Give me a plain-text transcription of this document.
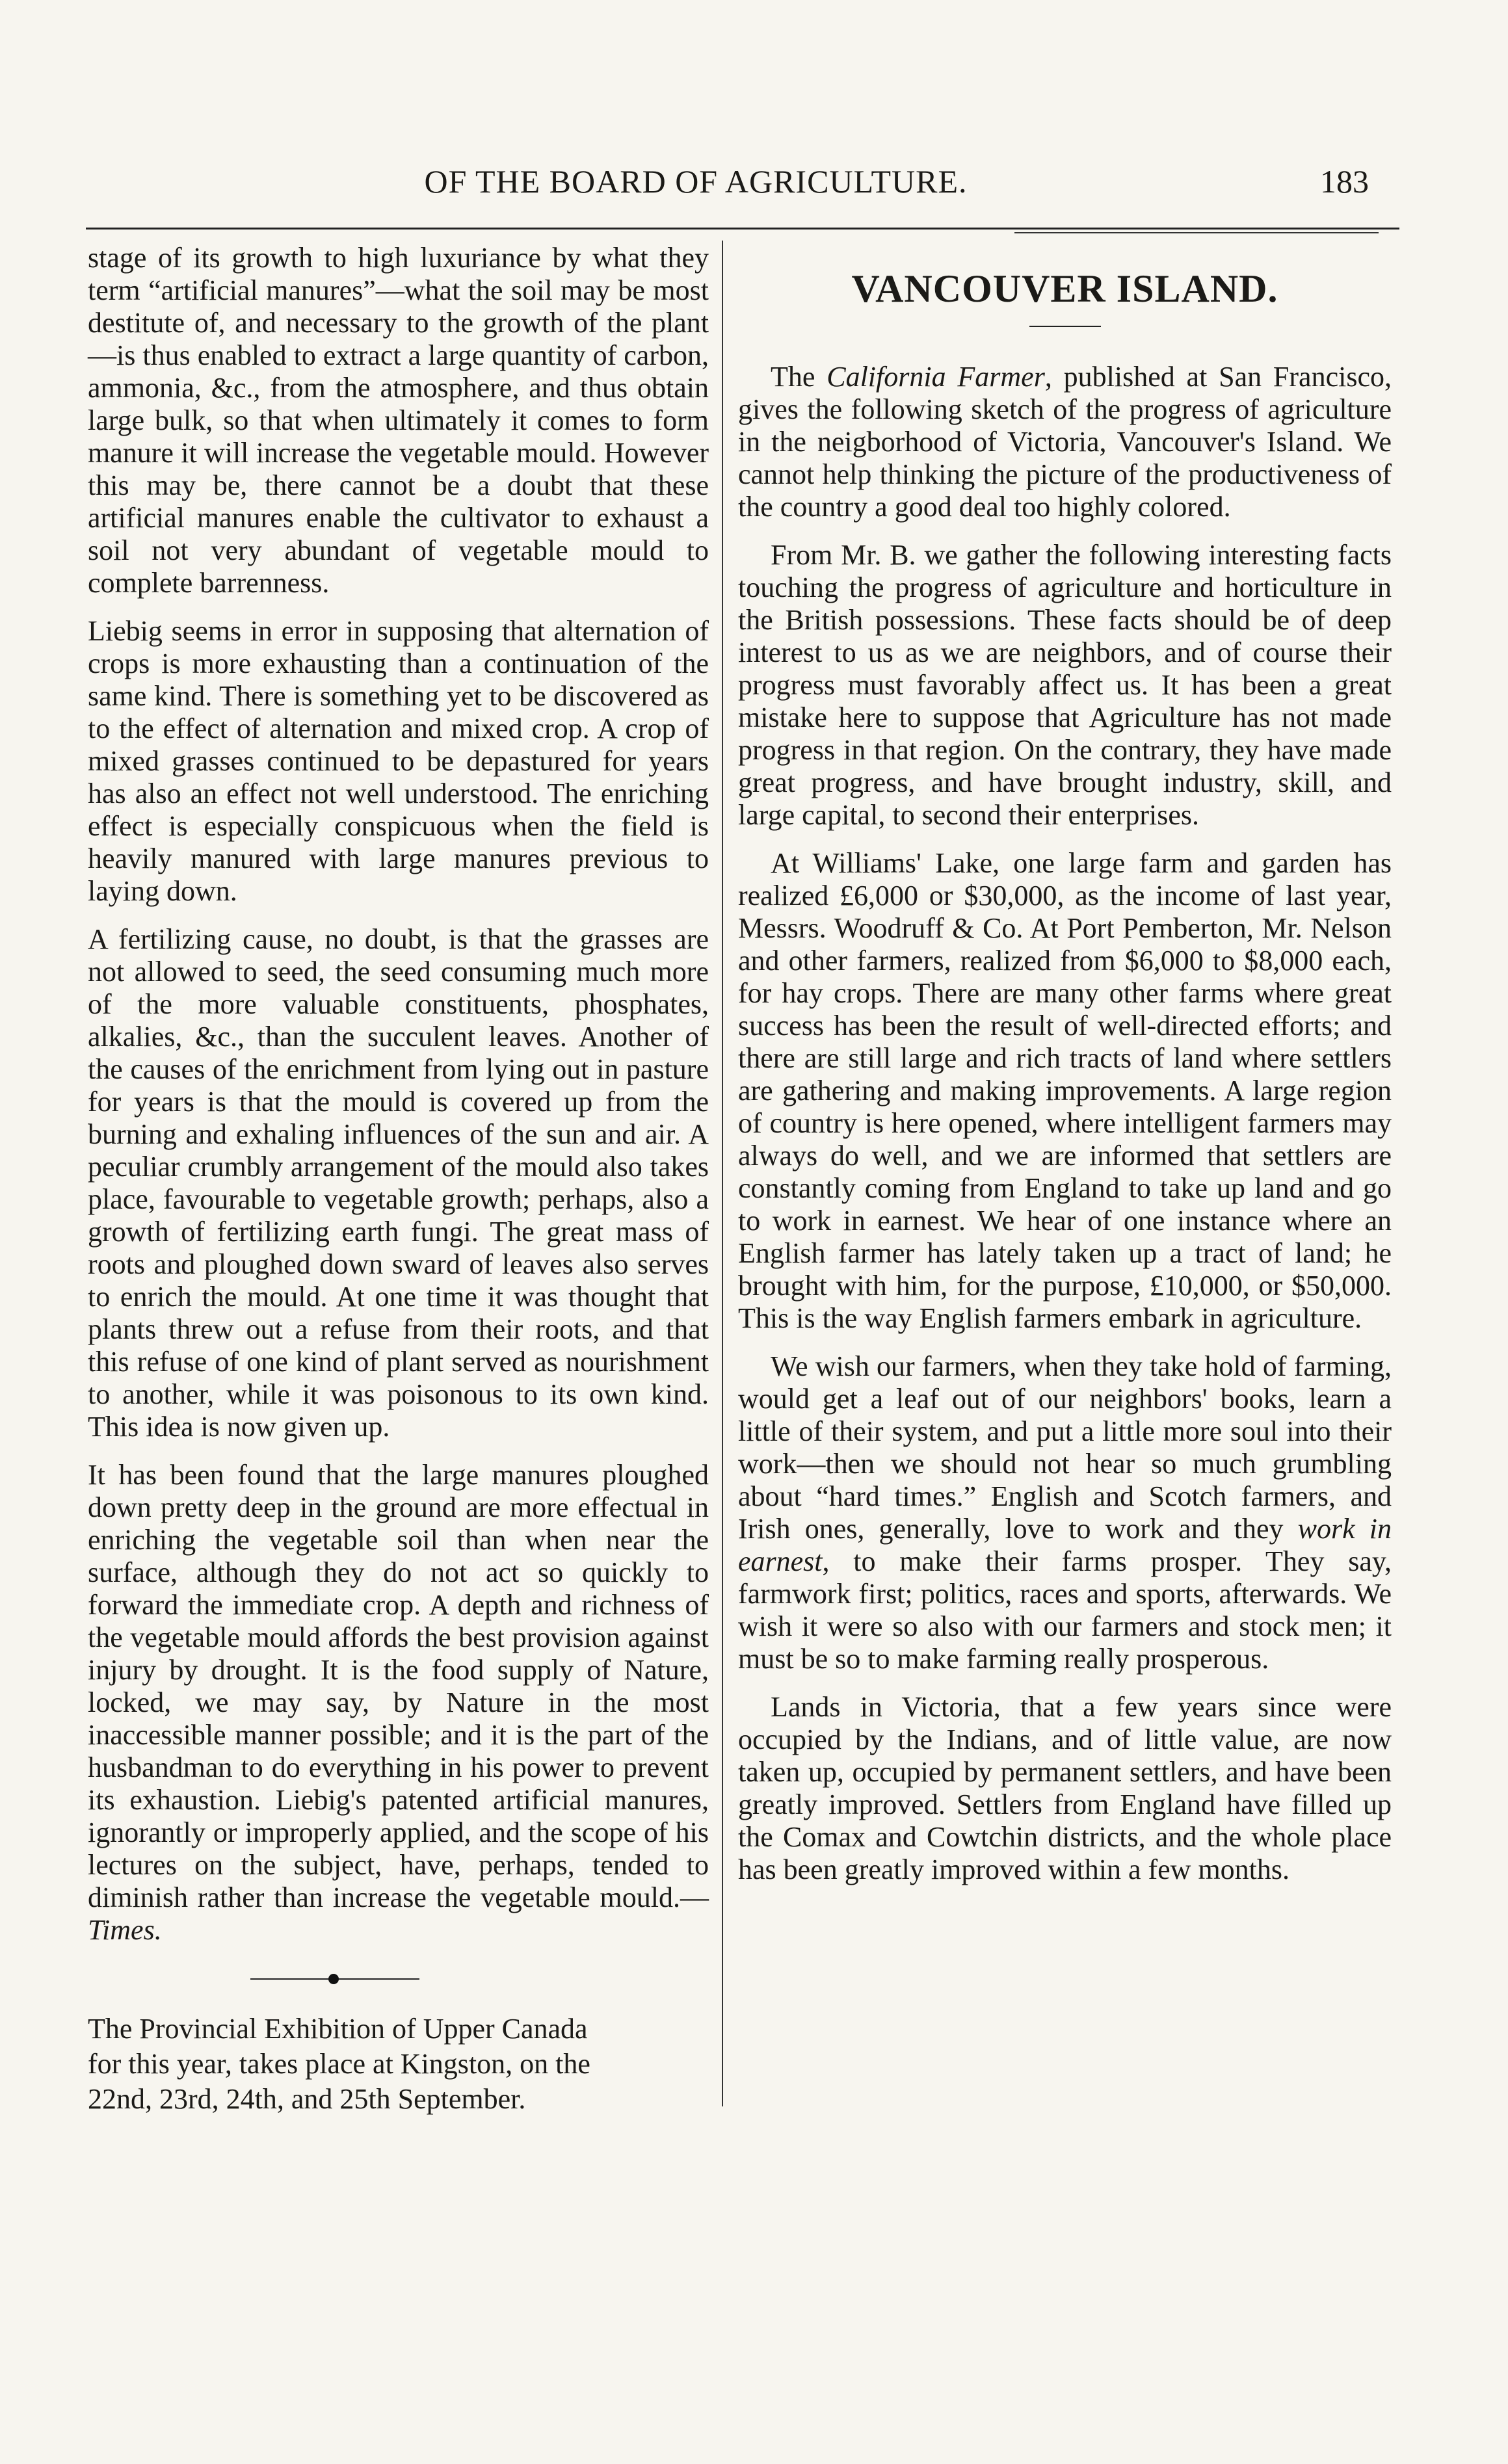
OF THE BOARD OF AGRICULTURE.	183

stage of its growth to high luxuriance by what they term “artificial manures”—what the soil may be most destitute of, and necessary to the growth of the plant—is thus enabled to extract a large quantity of carbon, ammonia, &c., from the atmosphere, and thus obtain large bulk, so that when ultimately it comes to form manure it will increase the vegetable mould. However this may be, there cannot be a doubt that these artificial manures enable the cultivator to exhaust a soil not very abundant of vegetable mould to complete barrenness.

Liebig seems in error in supposing that alternation of crops is more exhausting than a continuation of the same kind. There is something yet to be discovered as to the effect of alternation and mixed crop. A crop of mixed grasses continued to be depastured for years has also an effect not well understood. The enriching effect is especially conspicuous when the field is heavily manured with large manures previous to laying down.

A fertilizing cause, no doubt, is that the grasses are not allowed to seed, the seed consuming much more of the more valuable constituents, phosphates, alkalies, &c., than the succulent leaves. Another of the causes of the enrichment from lying out in pasture for years is that the mould is covered up from the burning and exhaling influences of the sun and air. A peculiar crumbly arrangement of the mould also takes place, favourable to vegetable growth; perhaps, also a growth of fertilizing earth fungi. The great mass of roots and ploughed down sward of leaves also serves to enrich the mould. At one time it was thought that plants threw out a refuse from their roots, and that this refuse of one kind of plant served as nourishment to another, while it was poisonous to its own kind. This idea is now given up.

It has been found that the large manures ploughed down pretty deep in the ground are more effectual in enriching the vegetable soil than when near the surface, although they do not act so quickly to forward the immediate crop. A depth and richness of the vegetable mould affords the best provision against injury by drought. It is the food supply of Nature, locked, we may say, by Nature in the most inaccessible manner possible; and it is the part of the husbandman to do everything in his power to prevent its exhaustion. Liebig's patented artificial manures, ignorantly or improperly applied, and the scope of his lectures on the subject, have, perhaps, tended to diminish rather than increase the vegetable mould.—Times.

The Provincial Exhibition of Upper Canada
for this year, takes place at Kingston, on the
22nd, 23rd, 24th, and 25th September.

VANCOUVER ISLAND.

The California Farmer, published at San Francisco, gives the following sketch of the progress of agriculture in the neigborhood of Victoria, Vancouver's Island. We cannot help thinking the picture of the productiveness of the country a good deal too highly colored.

From Mr. B. we gather the following interesting facts touching the progress of agriculture and horticulture in the British possessions. These facts should be of deep interest to us as we are neighbors, and of course their progress must favorably affect us. It has been a great mistake here to suppose that Agriculture has not made progress in that region. On the contrary, they have made great progress, and have brought industry, skill, and large capital, to second their enterprises.

At Williams' Lake, one large farm and garden has realized £6,000 or $30,000, as the income of last year, Messrs. Woodruff & Co. At Port Pemberton, Mr. Nelson and other farmers, realized from $6,000 to $8,000 each, for hay crops. There are many other farms where great success has been the result of well-directed efforts; and there are still large and rich tracts of land where settlers are gathering and making improvements. A large region of country is here opened, where intelligent farmers may always do well, and we are informed that settlers are constantly coming from England to take up land and go to work in earnest. We hear of one instance where an English farmer has lately taken up a tract of land; he brought with him, for the purpose, £10,000, or $50,000. This is the way English farmers embark in agriculture.

We wish our farmers, when they take hold of farming, would get a leaf out of our neighbors' books, learn a little of their system, and put a little more soul into their work—then we should not hear so much grumbling about “hard times.” English and Scotch farmers, and Irish ones, generally, love to work and they work in earnest, to make their farms prosper. They say, farmwork first; politics, races and sports, afterwards. We wish it were so also with our farmers and stock men; it must be so to make farming really prosperous.

Lands in Victoria, that a few years since were occupied by the Indians, and of little value, are now taken up, occupied by permanent settlers, and have been greatly improved. Settlers from England have filled up the Comax and Cowtchin districts, and the whole place has been greatly improved within a few months.
